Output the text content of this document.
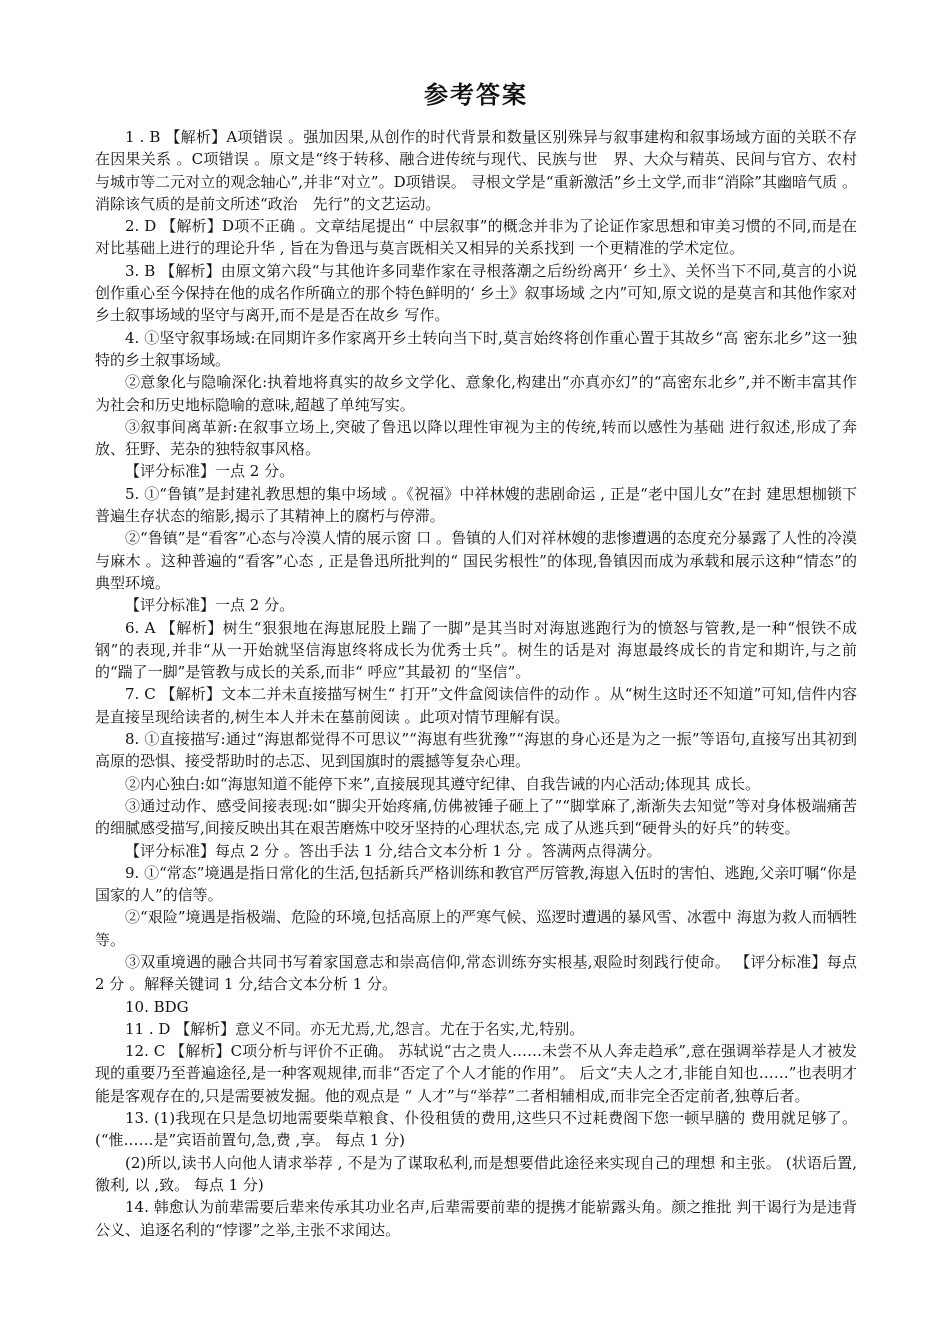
参考答案

1 . B 【解析】A项错误 。强加因果,从创作的时代背景和数量区别殊异与叙事建构和叙事场域方面的关联不存在因果关系 。C项错误 。原文是“终于转移、融合进传统与现代、民族与世　界、大众与精英、民间与官方、农村与城市等二元对立的观念轴心”,并非“对立”。D项错误。 寻根文学是“重新激活”乡土文学,而非“消除”其幽暗气质 。消除该气质的是前文所述“政治　先行”的文艺运动。

2. D 【解析】D项不正确 。文章结尾提出“ 中层叙事”的概念并非为了论证作家思想和审美习惯的不同,而是在对比基础上进行的理论升华 , 旨在为鲁迅与莫言既相关又相异的关系找到 一个更精准的学术定位。

3. B 【解析】由原文第六段“与其他许多同辈作家在寻根落潮之后纷纷离开‘ 乡土》、关怀当下不同,莫言的小说创作重心至今保持在他的成名作所确立的那个特色鲜明的‘ 乡土》叙事场域 之内”可知,原文说的是莫言和其他作家对乡土叙事场域的坚守与离开,而不是是否在故乡 写作。

4. ①坚守叙事场域:在同期许多作家离开乡土转向当下时,莫言始终将创作重心置于其故乡“高 密东北乡”这一独特的乡土叙事场域。

②意象化与隐喻深化:执着地将真实的故乡文学化、意象化,构建出“亦真亦幻”的“高密东北乡”,并不断丰富其作为社会和历史地标隐喻的意味,超越了单纯写实。

③叙事间离革新:在叙事立场上,突破了鲁迅以降以理性审视为主的传统,转而以感性为基础 进行叙述,形成了奔放、狂野、芜杂的独特叙事风格。

【评分标准】一点 2 分。

5. ①“鲁镇”是封建礼教思想的集中场域 。《祝福》中祥林嫂的悲剧命运 , 正是“老中国儿女”在封 建思想枷锁下普遍生存状态的缩影,揭示了其精神上的腐朽与停滞。

②“鲁镇”是“看客”心态与冷漠人情的展示窗 口 。鲁镇的人们对祥林嫂的悲惨遭遇的态度充分暴露了人性的冷漠与麻木 。这种普遍的“看客”心态 , 正是鲁迅所批判的“ 国民劣根性”的体现,鲁镇因而成为承载和展示这种“情态”的典型环境。

【评分标准】一点 2 分。

6. A 【解析】树生“狠狠地在海崽屁股上踹了一脚”是其当时对海崽逃跑行为的愤怒与管教,是一种“恨铁不成钢”的表现,并非“从一开始就坚信海崽终将成长为优秀士兵”。树生的话是对 海崽最终成长的肯定和期许,与之前的“踹了一脚”是管教与成长的关系,而非“ 呼应”其最初 的“坚信”。

7. C 【解析】文本二并未直接描写树生“ 打开”文件盒阅读信件的动作 。从“树生这时还不知道”可知,信件内容是直接呈现给读者的,树生本人并未在墓前阅读 。此项对情节理解有误。

8. ①直接描写:通过“海崽都觉得不可思议”“海崽有些犹豫”“海崽的身心还是为之一振”等语句,直接写出其初到高原的恐惧、接受帮助时的忐忑、见到国旗时的震撼等复杂心理。

②内心独白:如“海崽知道不能停下来”,直接展现其遵守纪律、自我告诫的内心活动;体现其 成长。

③通过动作、感受间接表现:如“脚尖开始疼痛,仿佛被锤子砸上了”“脚掌麻了,渐渐失去知觉”等对身体极端痛苦的细腻感受描写,间接反映出其在艰苦磨炼中咬牙坚持的心理状态,完 成了从逃兵到“硬骨头的好兵”的转变。

【评分标准】每点 2 分 。答出手法 1 分,结合文本分析 1 分 。答满两点得满分。

9. ①“常态”境遇是指日常化的生活,包括新兵严格训练和教官严厉管教,海崽入伍时的害怕、逃跑,父亲叮嘱“你是国家的人”的信等。

②“艰险”境遇是指极端、危险的环境,包括高原上的严寒气候、巡逻时遭遇的暴风雪、冰雹中 海崽为救人而牺牲等。

③双重境遇的融合共同书写着家国意志和崇高信仰,常态训练夯实根基,艰险时刻践行使命。 【评分标准】每点 2 分 。解释关键词 1 分,结合文本分析 1 分。

10. BDG

11 . D 【解析】意义不同。亦无尤焉,尤,怨言。尤在于名实,尤,特别。

12. C 【解析】C项分析与评价不正确。 苏轼说“古之贵人……未尝不从人奔走趋承”,意在强调举荐是人才被发现的重要乃至普遍途径,是一种客观规律,而非“否定了个人才能的作用”。 后文“夫人之才,非能自知也……”也表明才能是客观存在的,只是需要被发掘。他的观点是 “ 人才”与“举荐”二者相辅相成,而非完全否定前者,独尊后者。

13. (1)我现在只是急切地需要柴草粮食、仆役租赁的费用,这些只不过耗费阁下您一顿早膳的 费用就足够了。(“惟……是”宾语前置句,急,费 ,享。 每点 1 分)

(2)所以,读书人向他人请求举荐 , 不是为了谋取私利,而是想要借此途径来实现自己的理想 和主张。 (状语后置,徼利, 以 ,致。 每点 1 分)

14. 韩愈认为前辈需要后辈来传承其功业名声,后辈需要前辈的提携才能崭露头角。颜之推批 判干谒行为是违背公义、追逐名利的“悖谬”之举,主张不求闻达。
